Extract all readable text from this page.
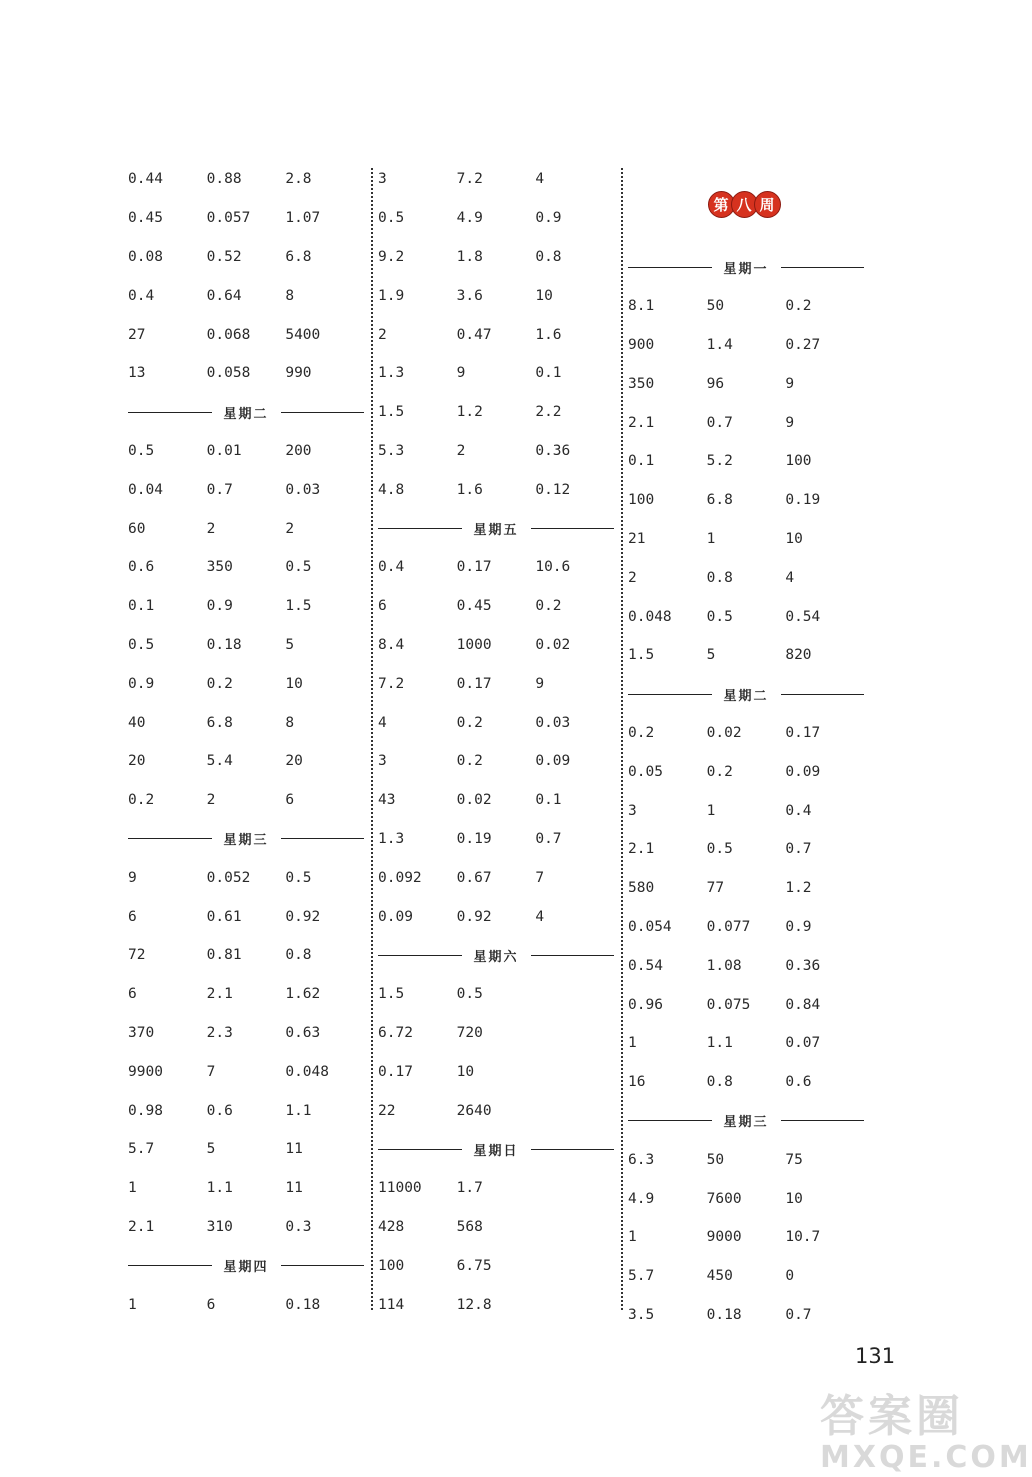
0.44	0.88	2.8
0.45	0.057	1.07
0.08	0.52	6.8
0.4	0.64	8
27	0.068	5400
13	0.058	990
星期二
0.5	0.01	200
0.04	0.7	0.03
60	2	2
0.6	350	0.5
0.1	0.9	1.5
0.5	0.18	5
0.9	0.2	10
40	6.8	8
20	5.4	20
0.2	2	6
星期三
9	0.052	0.5
6	0.61	0.92
72	0.81	0.8
6	2.1	1.62
370	2.3	0.63
9900	7	0.048
0.98	0.6	1.1
5.7	5	11
1	1.1	11
2.1	310	0.3
星期四
1	6	0.18
3	7.2	4
0.5	4.9	0.9
9.2	1.8	0.8
1.9	3.6	10
2	0.47	1.6
1.3	9	0.1
1.5	1.2	2.2
5.3	2	0.36
4.8	1.6	0.12
星期五
0.4	0.17	10.6
6	0.45	0.2
8.4	1000	0.02
7.2	0.17	9
4	0.2	0.03
3	0.2	0.09
43	0.02	0.1
1.3	0.19	0.7
0.092	0.67	7
0.09	0.92	4
星期六
1.5	0.5
6.72	720
0.17	10
22	2640
星期日
11000	1.7
428	568
100	6.75
114	12.8
第 八 周
星期一
8.1	50	0.2
900	1.4	0.27
350	96	9
2.1	0.7	9
0.1	5.2	100
100	6.8	0.19
21	1	10
2	0.8	4
0.048	0.5	0.54
1.5	5	820
星期二
0.2	0.02	0.17
0.05	0.2	0.09
3	1	0.4
2.1	0.5	0.7
580	77	1.2
0.054	0.077	0.9
0.54	1.08	0.36
0.96	0.075	0.84
1	1.1	0.07
16	0.8	0.6
星期三
6.3	50	75
4.9	7600	10
1	9000	10.7
5.7	450	0
3.5	0.18	0.7
131
答案圈
MXQE.COM
